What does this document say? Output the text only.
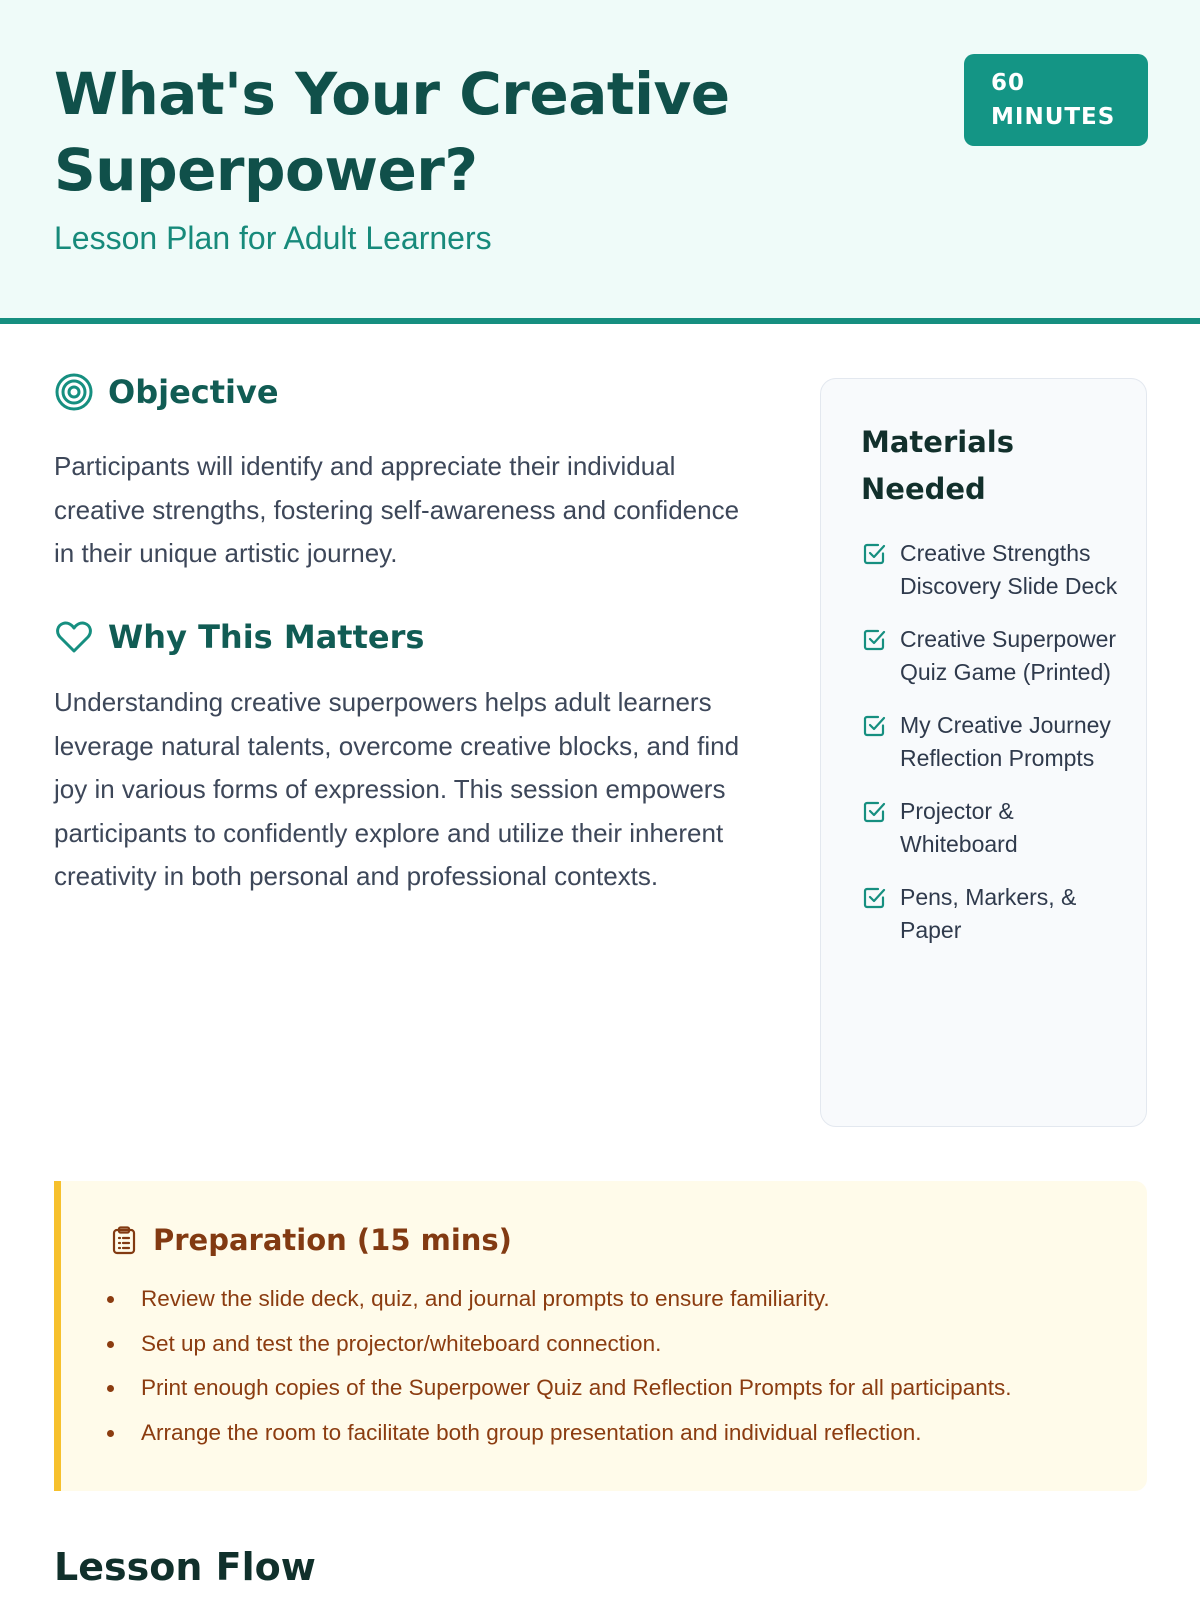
What's Your Creative Superpower?
Lesson Plan for Adult Learners
60 MINUTES
Objective

Participants will identify and appreciate their individual creative strengths, fostering self-awareness and confidence in their unique artistic journey.

Why This Matters

Understanding creative superpowers helps adult learners leverage natural talents, overcome creative blocks, and find joy in various forms of expression. This session empowers participants to confidently explore and utilize their inherent creativity in both personal and professional contexts.

Materials Needed
Creative Strengths Discovery Slide Deck
Creative Superpower Quiz Game (Printed)
My Creative Journey Reflection Prompts
Projector & Whiteboard
Pens, Markers, & Paper
Preparation (15 mins)
Review the slide deck, quiz, and journal prompts to ensure familiarity.
Set up and test the projector/whiteboard connection.
Print enough copies of the Superpower Quiz and Reflection Prompts for all participants.
Arrange the room to facilitate both group presentation and individual reflection.
Lesson Flow
